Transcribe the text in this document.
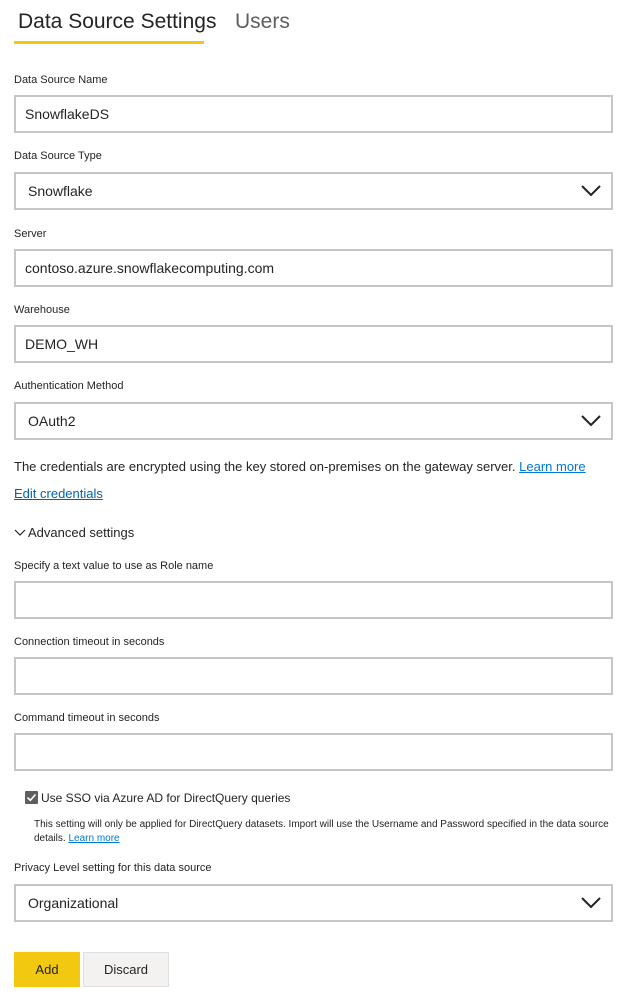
Data Source Settings Users
Data Source Name
SnowflakeDS
Data Source Type
Snowflake
Server
contoso.azure.snowflakecomputing.com
Warehouse
DEMO_WH
Authentication Method
OAuth2
The credentials are encrypted using the key stored on-premises on the gateway server. Learn more
Edit credentials
Advanced settings
Specify a text value to use as Role name
Connection timeout in seconds
Command timeout in seconds
Use SSO via Azure AD for DirectQuery queries
This setting will only be applied for DirectQuery datasets. Import will use the Username and Password specified in the data source details. Learn more
Privacy Level setting for this data source
Organizational
Add	Discard
